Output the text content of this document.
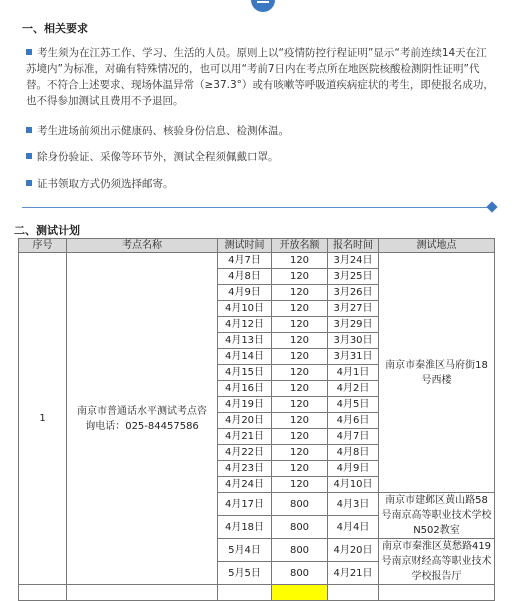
一、相关要求
考生须为在江苏工作、学习、生活的人员。原则上以“疫情防控行程证明”显示“考前连续14天在江苏境内”为标准，对确有特殊情况的，也可以用“考前7日内在考点所在地医院核酸检测阴性证明”代替。不符合上述要求、现场体温异常（≥37.3°）或有咳嗽等呼吸道疾病症状的考生，即使报名成功，也不得参加测试且费用不予退回。
考生进场前须出示健康码、核验身份信息、检测体温。
除身份验证、采像等环节外，测试全程须佩戴口罩。
证书领取方式仍须选择邮寄。
二、测试计划
序号	考点名称	测试时间	开放名额	报名时间	测试地点
1	南京市普通话水平测试考点咨询电话：025-84457586	4月7日	120	3月24日	南京市秦淮区马府街18号西楼
		4月8日	120	3月25日	
		4月9日	120	3月26日	
		4月10日	120	3月27日	
		4月12日	120	3月29日	
		4月13日	120	3月30日	
		4月14日	120	3月31日	
		4月15日	120	4月1日	
		4月16日	120	4月2日	
		4月19日	120	4月5日	
		4月20日	120	4月6日	
		4月21日	120	4月7日	
		4月22日	120	4月8日	
		4月23日	120	4月9日	
		4月24日	120	4月10日	
		4月17日	800	4月3日	南京市建邺区黄山路58号南京高等职业技术学校N502教室
		4月18日	800	4月4日	
		5月4日	800	4月20日	南京市秦淮区莫愁路419号南京财经高等职业技术学校报告厅
		5月5日	800	4月21日	
